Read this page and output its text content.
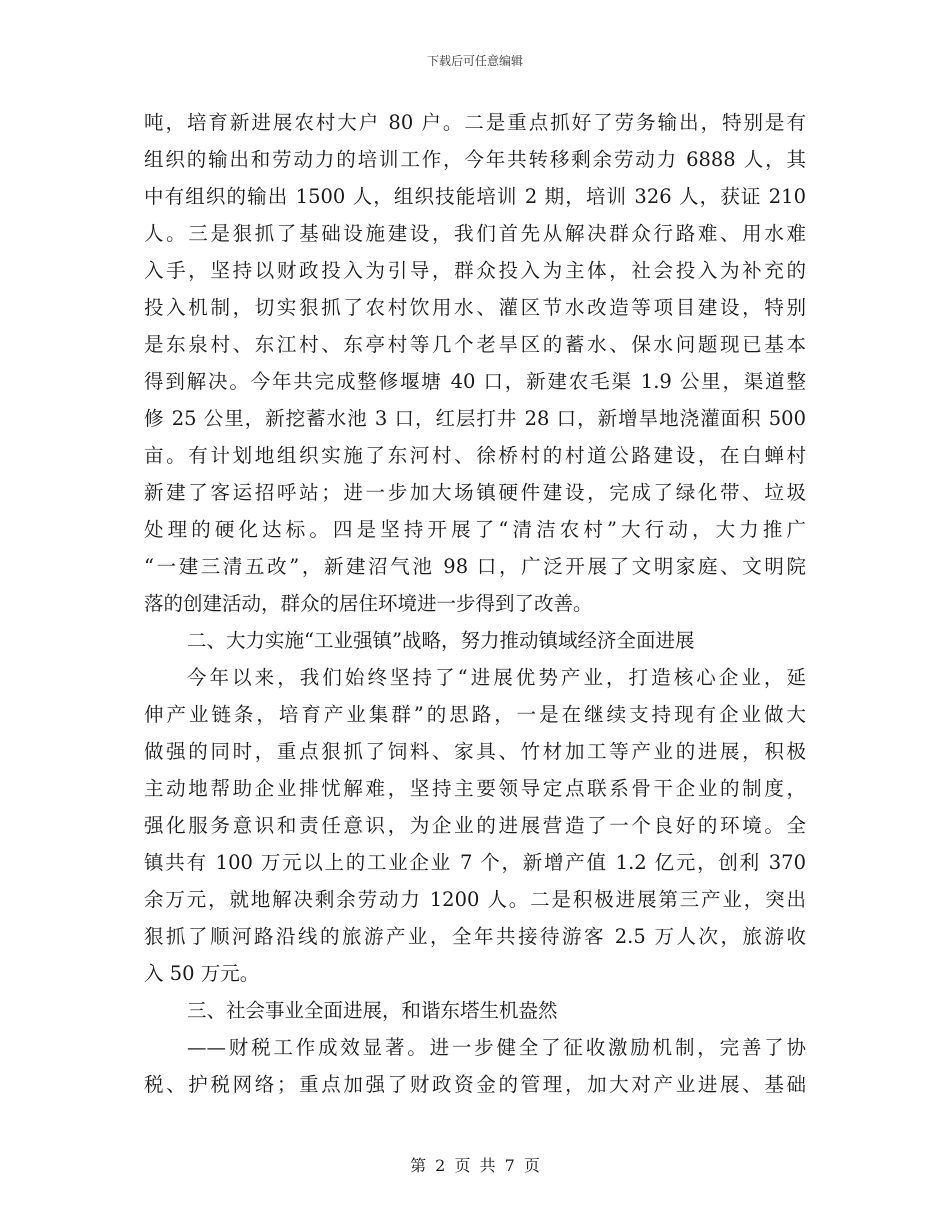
下载后可任意编辑
吨，培育新进展农村大户 80 户。二是重点抓好了劳务输出，特别是有
组织的输出和劳动力的培训工作，今年共转移剩余劳动力 6888 人，其
中有组织的输出 1500 人，组织技能培训 2 期，培训 326 人，获证 210
人。三是狠抓了基础设施建设，我们首先从解决群众行路难、用水难
入手，坚持以财政投入为引导，群众投入为主体，社会投入为补充的
投入机制，切实狠抓了农村饮用水、灌区节水改造等项目建设，特别
是东泉村、东江村、东亭村等几个老旱区的蓄水、保水问题现已基本
得到解决。今年共完成整修堰塘 40 口，新建农毛渠 1.9 公里，渠道整
修 25 公里，新挖蓄水池 3 口，红层打井 28 口，新增旱地浇灌面积 500
亩。有计划地组织实施了东河村、徐桥村的村道公路建设，在白蝉村
新建了客运招呼站；进一步加大场镇硬件建设，完成了绿化带、垃圾
处理的硬化达标。四是坚持开展了“清洁农村”大行动，大力推广
“一建三清五改”，新建沼气池 98 口，广泛开展了文明家庭、文明院
落的创建活动，群众的居住环境进一步得到了改善。
二、大力实施“工业强镇”战略，努力推动镇域经济全面进展
今年以来，我们始终坚持了“进展优势产业，打造核心企业，延
伸产业链条，培育产业集群”的思路，一是在继续支持现有企业做大
做强的同时，重点狠抓了饲料、家具、竹材加工等产业的进展，积极
主动地帮助企业排忧解难，坚持主要领导定点联系骨干企业的制度，
强化服务意识和责任意识，为企业的进展营造了一个良好的环境。全
镇共有 100 万元以上的工业企业 7 个，新增产值 1.2 亿元，创利 370
余万元，就地解决剩余劳动力 1200 人。二是积极进展第三产业，突出
狠抓了顺河路沿线的旅游产业，全年共接待游客 2.5 万人次，旅游收
入 50 万元。
三、社会事业全面进展，和谐东塔生机盎然
——财税工作成效显著。进一步健全了征收激励机制，完善了协
税、护税网络；重点加强了财政资金的管理，加大对产业进展、基础
第 2 页 共 7 页
